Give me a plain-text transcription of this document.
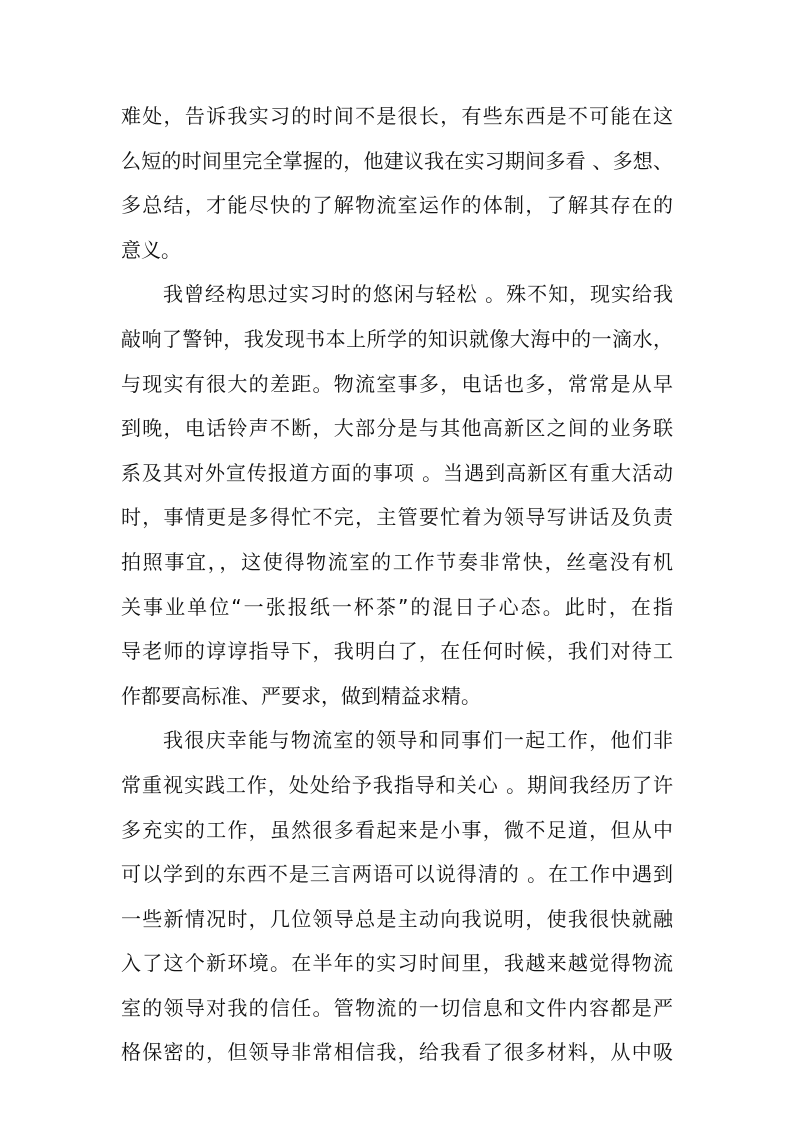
难处，告诉我实习的时间不是很长，有些东西是不可能在这
么短的时间里完全掌握的，他建议我在实习期间多看 、多想、
多总结，才能尽快的了解物流室运作的体制，了解其存在的
意义。
我曾经构思过实习时的悠闲与轻松 。殊不知，现实给我
敲响了警钟，我发现书本上所学的知识就像大海中的一滴水，
与现实有很大的差距。物流室事多，电话也多，常常是从早
到晚，电话铃声不断，大部分是与其他高新区之间的业务联
系及其对外宣传报道方面的事项 。当遇到高新区有重大活动
时，事情更是多得忙不完，主管要忙着为领导写讲话及负责
拍照事宜，，这使得物流室的工作节奏非常快，丝毫没有机
关事业单位“一张报纸一杯茶”的混日子心态。此时，在指
导老师的谆谆指导下，我明白了，在任何时候，我们对待工
作都要高标准、严要求，做到精益求精。
我很庆幸能与物流室的领导和同事们一起工作，他们非
常重视实践工作，处处给予我指导和关心 。期间我经历了许
多充实的工作，虽然很多看起来是小事，微不足道，但从中
可以学到的东西不是三言两语可以说得清的 。在工作中遇到
一些新情况时，几位领导总是主动向我说明，使我很快就融
入了这个新环境。在半年的实习时间里，我越来越觉得物流
室的领导对我的信任。管物流的一切信息和文件内容都是严
格保密的，但领导非常相信我，给我看了很多材料，从中吸
